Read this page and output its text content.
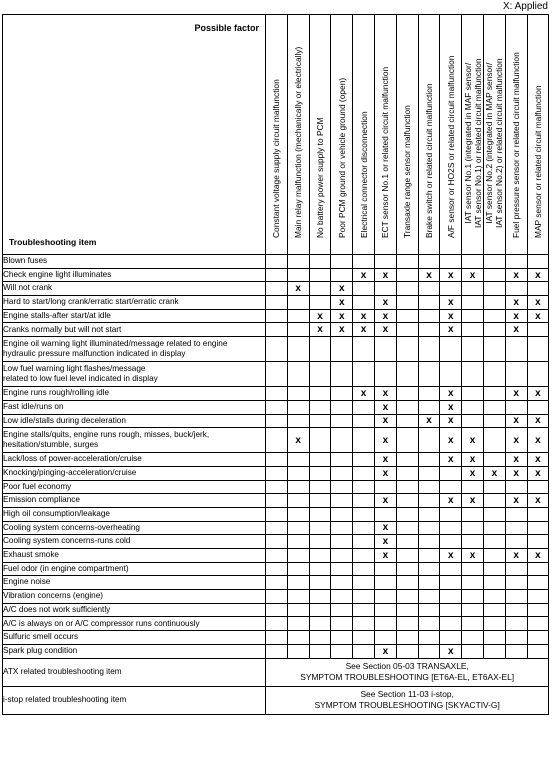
X: Applied
Possible factor
Troubleshooting item	Constant voltage supply circuit malfunction	Main relay malfunction (mechanically or electrically)	No battery power supply to PCM	Poor PCM ground or vehicle ground (open)	Electrical connector disconnection	ECT sensor No.1 or related circuit malfunction	Transaxle range sensor malfunction	Brake switch or related circuit malfunction	A/F sensor or HO2S or related circuit malfunction	IAT sensor No.1 (integrated in MAF sensor/
IAT sensor No.1) or related circuit malfunction	IAT sensor No.2 (integrated in MAP sensor/
IAT sensor No.2) or related circuit malfunction	Fuel pressure sensor or related circuit malfunction	MAP sensor or related circuit malfunction

Blown fuses													
Check engine light illuminates					x	x		x	x	x		x	x
Will not crank		x		x									
Hard to start/long crank/erratic start/erratic crank				x		x			x			x	x
Engine stalls-after start/at idle			x	x	x	x			x			x	x
Cranks normally but will not start			x	x	x	x			x			x	
Engine oil warning light illuminated/message related to engine
hydraulic pressure malfunction indicated in display													
Low fuel warning light flashes/message
related to low fuel level indicated in display													
Engine runs rough/rolling idle					x	x			x			x	x
Fast idle/runs on						x			x				
Low idle/stalls during deceleration						x		x	x			x	x
Engine stalls/quits, engine runs rough, misses, buck/jerk,
hesitation/stumble, surges		x				x			x	x		x	x
Lack/loss of power-acceleration/cruise						x			x	x		x	x
Knocking/pinging-acceleration/cruise						x				x	x	x	x
Poor fuel economy													
Emission compliance						x			x	x		x	x
High oil consumption/leakage													
Cooling system concerns-overheating						x							
Cooling system concerns-runs cold						x							
Exhaust smoke						x			x	x		x	x
Fuel odor (in engine compartment)													
Engine noise													
Vibration concerns (engine)													
A/C does not work sufficiently													
A/C is always on or A/C compressor runs continuously													
Sulfuric smell occurs													
Spark plug condition						x			x				
ATX related troubleshooting item	See Section 05-03 TRANSAXLE,
SYMPTOM TROUBLESHOOTING [ET6A-EL, ET6AX-EL]												
i-stop related troubleshooting item	See Section 11-03 i-stop,
SYMPTOM TROUBLESHOOTING [SKYACTIV-G]												
